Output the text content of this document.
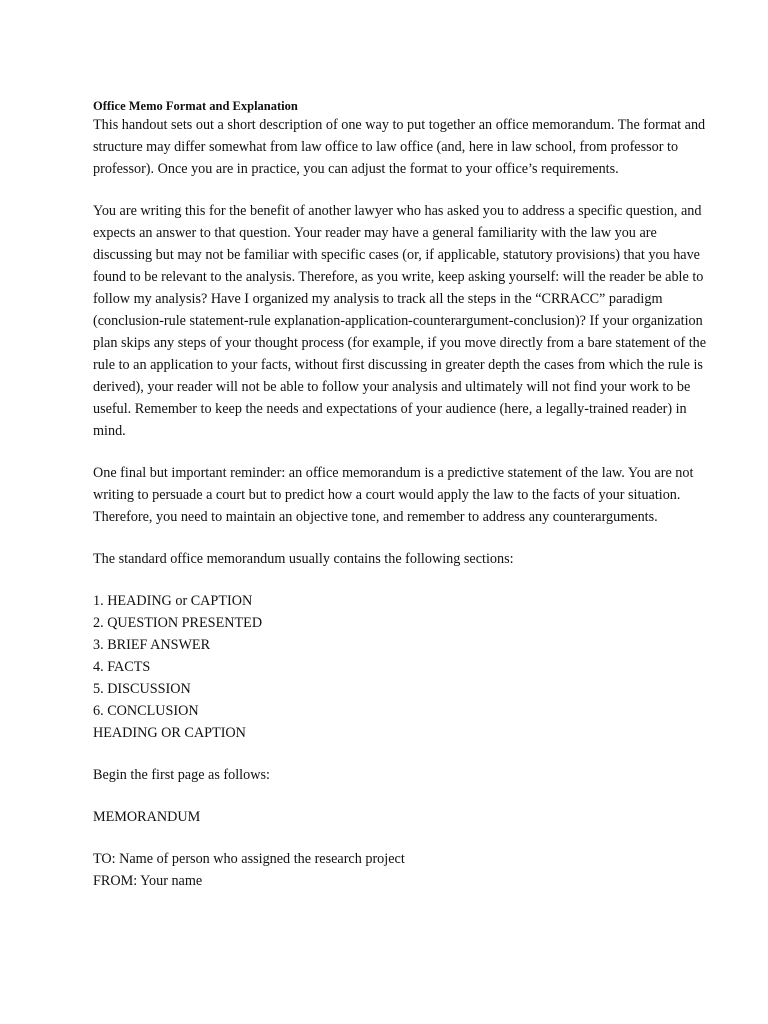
Office Memo Format and Explanation

This handout sets out a short description of one way to put together an office memorandum. The format and structure may differ somewhat from law office to law office (and, here in law school, from professor to professor). Once you are in practice, you can adjust the format to your office’s requirements.

You are writing this for the benefit of another lawyer who has asked you to address a specific question, and expects an answer to that question. Your reader may have a general familiarity with the law you are discussing but may not be familiar with specific cases (or, if applicable, statutory provisions) that you have found to be relevant to the analysis. Therefore, as you write, keep asking yourself: will the reader be able to follow my analysis? Have I organized my analysis to track all the steps in the “CRRACC” paradigm (conclusion-rule statement-rule explanation-application-counterargument-conclusion)? If your organization plan skips any steps of your thought process (for example, if you move directly from a bare statement of the rule to an application to your facts, without first discussing in greater depth the cases from which the rule is derived), your reader will not be able to follow your analysis and ultimately will not find your work to be useful. Remember to keep the needs and expectations of your audience (here, a legally-trained reader) in mind.

One final but important reminder: an office memorandum is a predictive statement of the law. You are not writing to persuade a court but to predict how a court would apply the law to the facts of your situation. Therefore, you need to maintain an objective tone, and remember to address any counterarguments.

The standard office memorandum usually contains the following sections:

1. HEADING or CAPTION
2. QUESTION PRESENTED
3. BRIEF ANSWER
4. FACTS
5. DISCUSSION
6. CONCLUSION

HEADING OR CAPTION

Begin the first page as follows:

MEMORANDUM

TO: Name of person who assigned the research project

FROM: Your name
